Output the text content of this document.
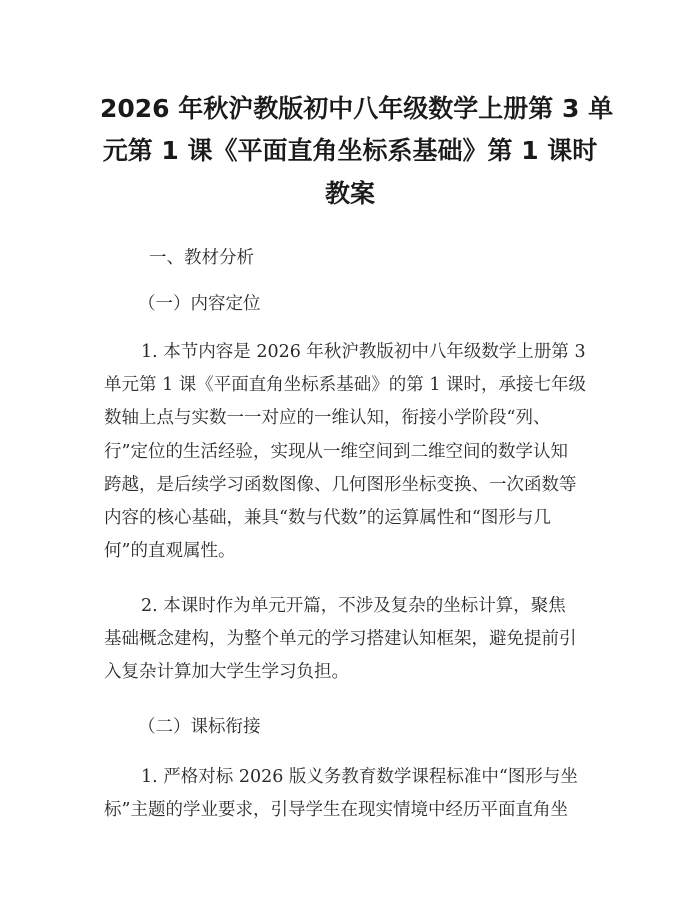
2026 年秋沪教版初中八年级数学上册第 3 单
元第 1 课《平面直角坐标系基础》第 1 课时
教案
一、教材分析
（一）内容定位
1. 本节内容是 2026 年秋沪教版初中八年级数学上册第 3
单元第 1 课《平面直角坐标系基础》的第 1 课时，承接七年级
数轴上点与实数一一对应的一维认知，衔接小学阶段“列、
行”定位的生活经验，实现从一维空间到二维空间的数学认知
跨越，是后续学习函数图像、几何图形坐标变换、一次函数等
内容的核心基础，兼具“数与代数”的运算属性和“图形与几
何”的直观属性。
2. 本课时作为单元开篇，不涉及复杂的坐标计算，聚焦
基础概念建构，为整个单元的学习搭建认知框架，避免提前引
入复杂计算加大学生学习负担。
（二）课标衔接
1. 严格对标 2026 版义务教育数学课程标准中“图形与坐
标”主题的学业要求，引导学生在现实情境中经历平面直角坐
